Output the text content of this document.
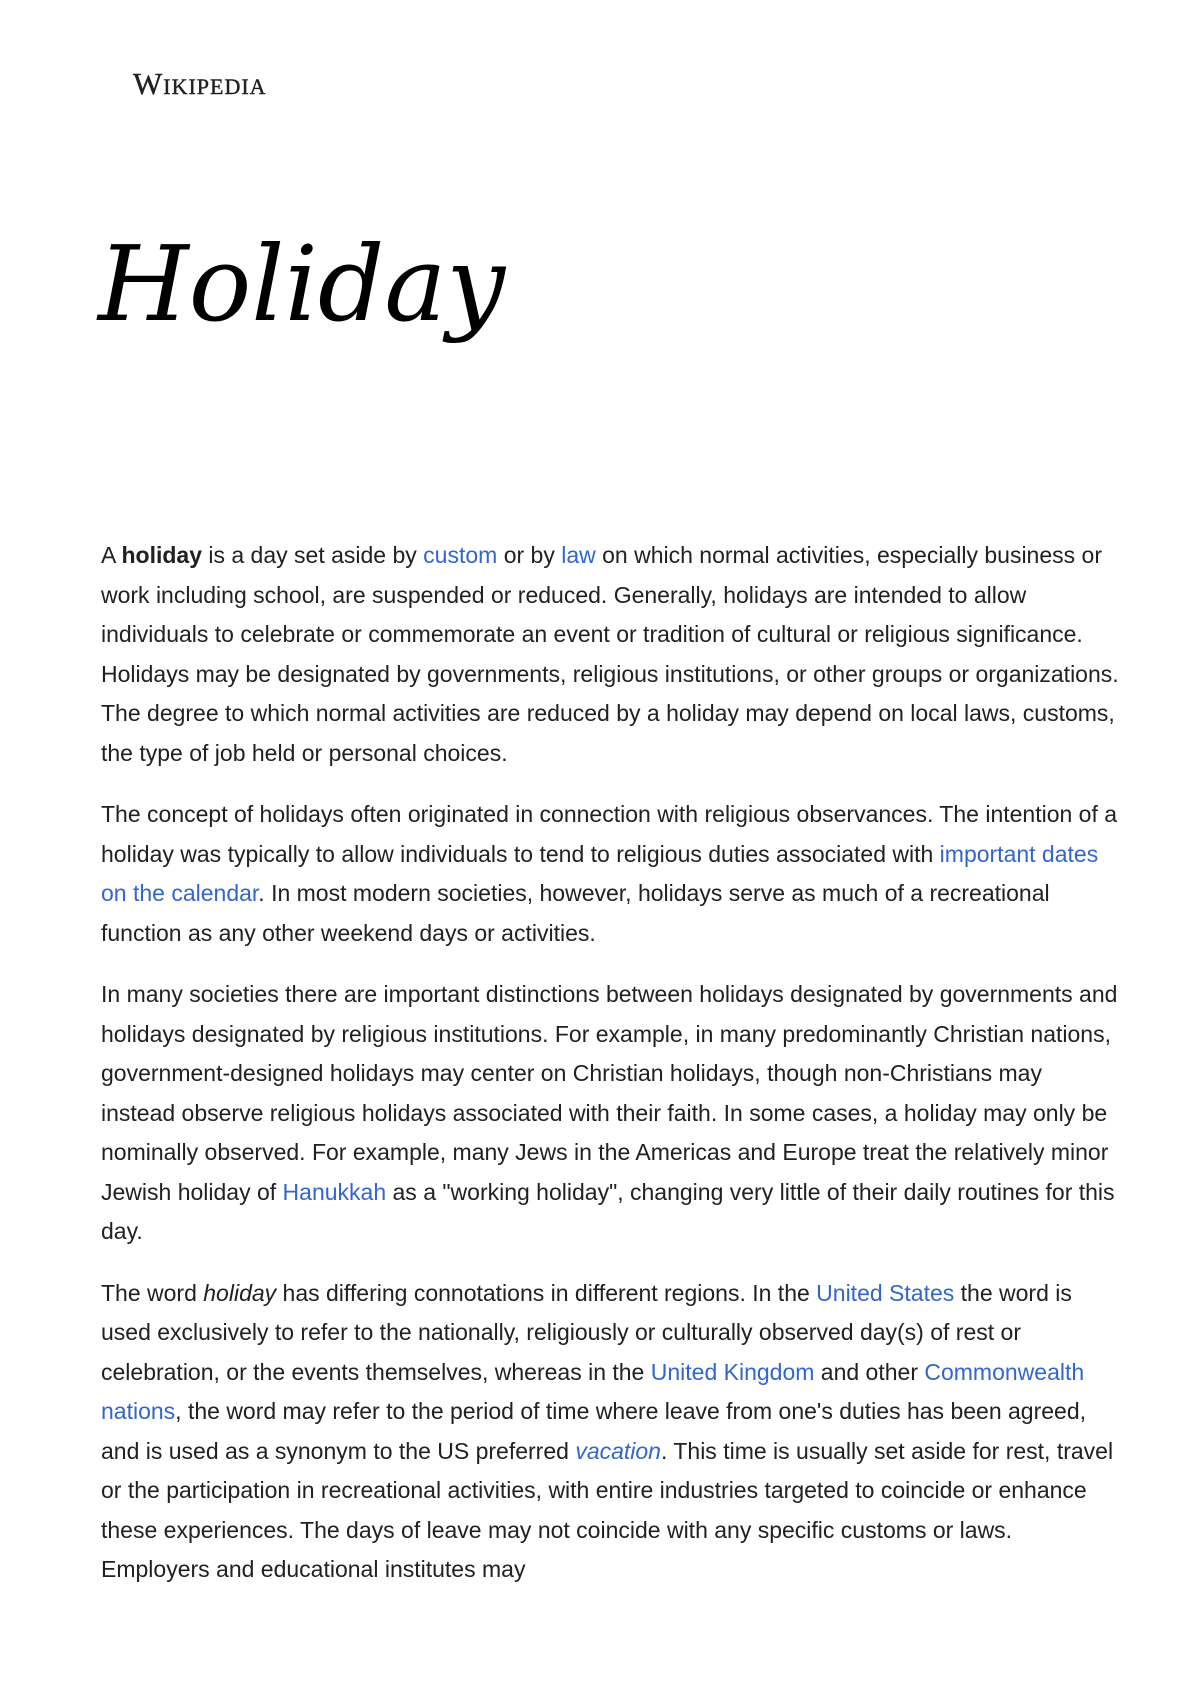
Wikipedia
Holiday

A holiday is a day set aside by custom or by law on which normal activities, especially business or work including school, are suspended or reduced. Generally, holidays are intended to allow individuals to celebrate or commemorate an event or tradition of cultural or religious significance. Holidays may be designated by governments, religious institutions, or other groups or organizations. The degree to which normal activities are reduced by a holiday may depend on local laws, customs, the type of job held or personal choices.

The concept of holidays often originated in connection with religious observances. The intention of a holiday was typically to allow individuals to tend to religious duties associated with important dates on the calendar. In most modern societies, however, holidays serve as much of a recreational function as any other weekend days or activities.

In many societies there are important distinctions between holidays designated by governments and holidays designated by religious institutions. For example, in many predominantly Christian nations, government-designed holidays may center on Christian holidays, though non-Christians may instead observe religious holidays associated with their faith. In some cases, a holiday may only be nominally observed. For example, many Jews in the Americas and Europe treat the relatively minor Jewish holiday of Hanukkah as a "working holiday", changing very little of their daily routines for this day.

The word holiday has differing connotations in different regions. In the United States the word is used exclusively to refer to the nationally, religiously or culturally observed day(s) of rest or celebration, or the events themselves, whereas in the United Kingdom and other Commonwealth nations, the word may refer to the period of time where leave from one's duties has been agreed, and is used as a synonym to the US preferred vacation. This time is usually set aside for rest, travel or the participation in recreational activities, with entire industries targeted to coincide or enhance these experiences. The days of leave may not coincide with any specific customs or laws. Employers and educational institutes may
